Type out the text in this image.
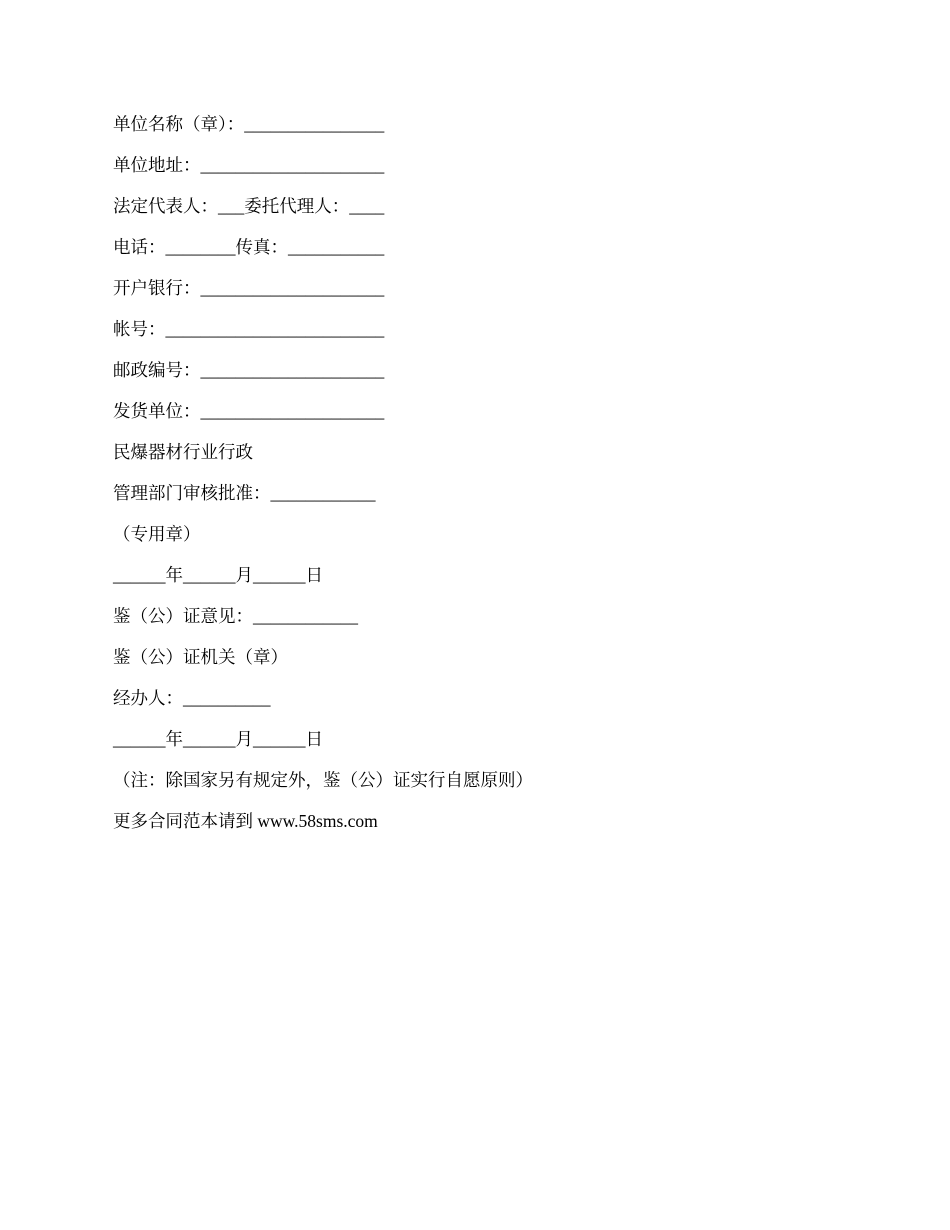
单位名称（章）：________________
单位地址：_____________________
法定代表人：___委托代理人：____
电话：________传真：___________
开户银行：_____________________
帐号：_________________________
邮政编号：_____________________
发货单位：_____________________
民爆器材行业行政
管理部门审核批准：____________
（专用章）
______年______月______日
鉴（公）证意见：____________
鉴（公）证机关（章）
经办人：__________
______年______月______日
（注：除国家另有规定外，鉴（公）证实行自愿原则）
更多合同范本请到 www.58sms.com
